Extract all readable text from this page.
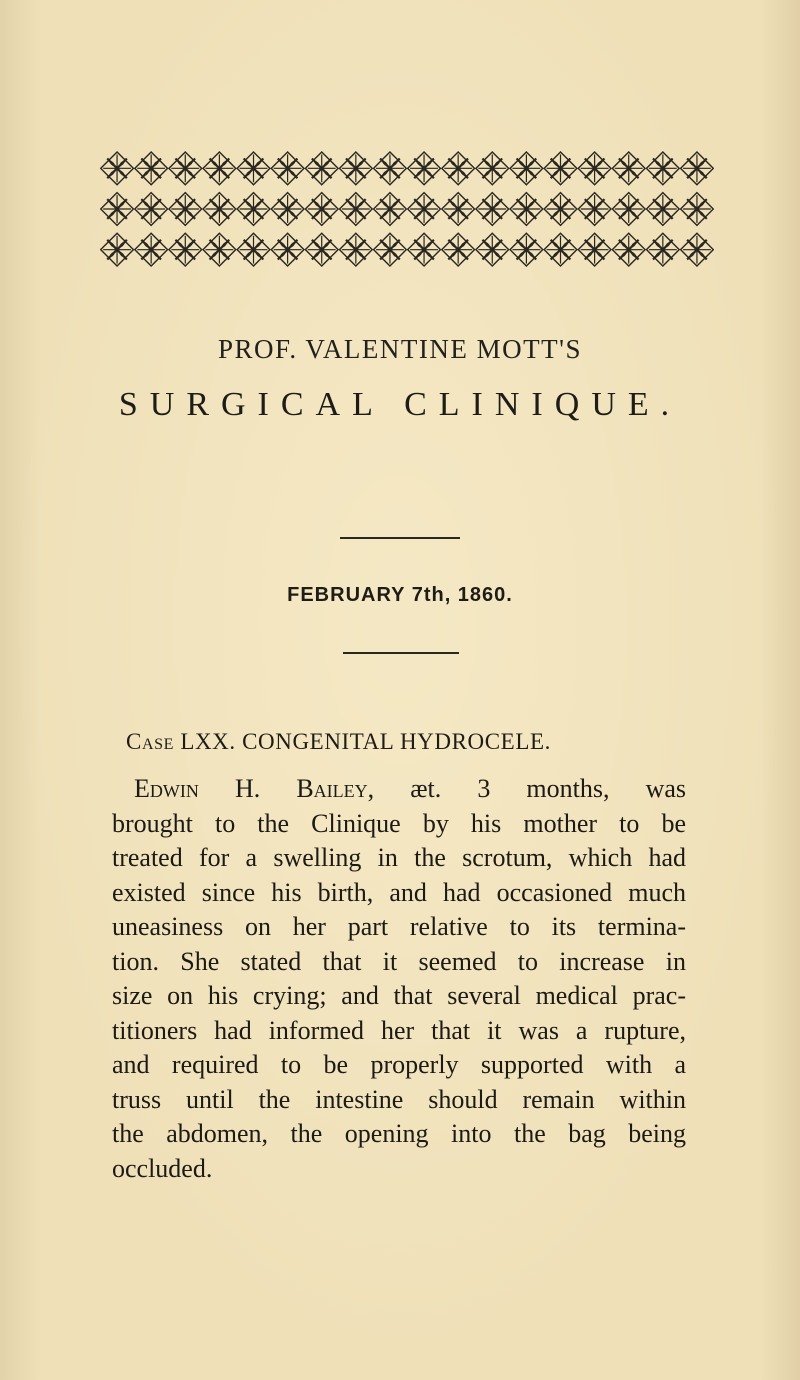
PROF. VALENTINE MOTT'S
SURGICAL CLINIQUE.
FEBRUARY 7th, 1860.
Case LXX. CONGENITAL HYDROCELE.
Edwin H. Bailey, æt. 3 months, was
brought to the Clinique by his mother to be
treated for a swelling in the scrotum, which had
existed since his birth, and had occasioned much
uneasiness on her part relative to its termina-
tion. She stated that it seemed to increase in
size on his crying; and that several medical prac-
titioners had informed her that it was a rupture,
and required to be properly supported with a
truss until the intestine should remain within
the abdomen, the opening into the bag being
occluded.
